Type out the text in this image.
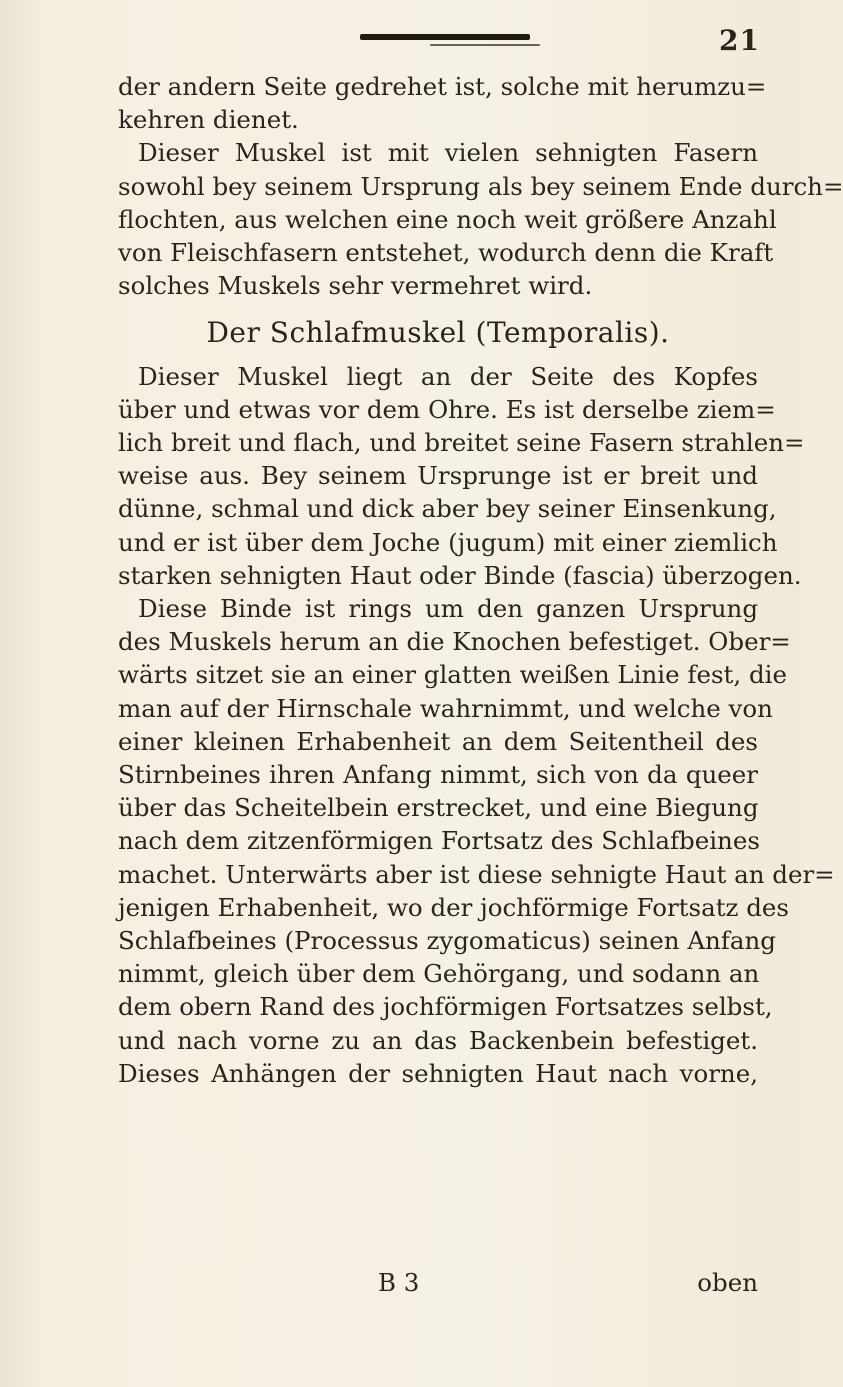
21
der andern Seite gedrehet ist, solche mit herumzu=
kehren dienet.
Dieser Muskel ist mit vielen sehnigten Fasern
sowohl bey seinem Ursprung als bey seinem Ende durch=
flochten, aus welchen eine noch weit größere Anzahl
von Fleischfasern entstehet, wodurch denn die Kraft
solches Muskels sehr vermehret wird.
Der Schlafmuskel (Temporalis).
Dieser Muskel liegt an der Seite des Kopfes
über und etwas vor dem Ohre. Es ist derselbe ziem=
lich breit und flach, und breitet seine Fasern strahlen=
weise aus. Bey seinem Ursprunge ist er breit und
dünne, schmal und dick aber bey seiner Einsenkung,
und er ist über dem Joche (jugum) mit einer ziemlich
starken sehnigten Haut oder Binde (fascia) überzogen.
Diese Binde ist rings um den ganzen Ursprung
des Muskels herum an die Knochen befestiget. Ober=
wärts sitzet sie an einer glatten weißen Linie fest, die
man auf der Hirnschale wahrnimmt, und welche von
einer kleinen Erhabenheit an dem Seitentheil des
Stirnbeines ihren Anfang nimmt, sich von da queer
über das Scheitelbein erstrecket, und eine Biegung
nach dem zitzenförmigen Fortsatz des Schlafbeines
machet. Unterwärts aber ist diese sehnigte Haut an der=
jenigen Erhabenheit, wo der jochförmige Fortsatz des
Schlafbeines (Processus zygomaticus) seinen Anfang
nimmt, gleich über dem Gehörgang, und sodann an
dem obern Rand des jochförmigen Fortsatzes selbst,
und nach vorne zu an das Backenbein befestiget.
Dieses Anhängen der sehnigten Haut nach vorne,
B 3	oben
